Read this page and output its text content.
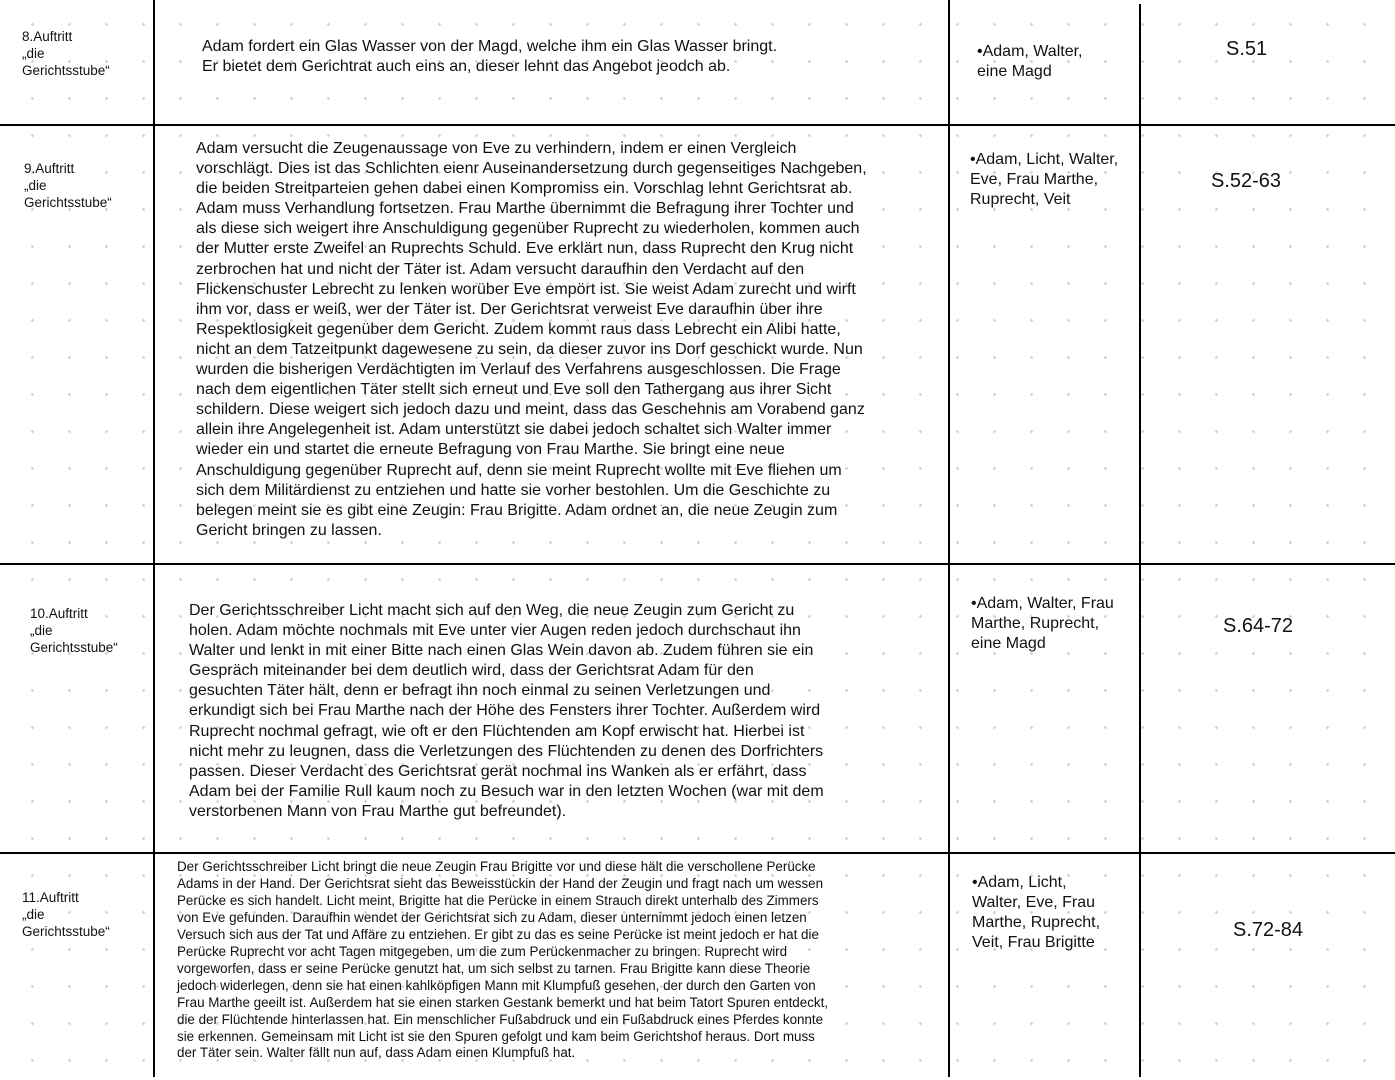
8.Auftritt
„die
Gerichtsstube“

Adam fordert ein Glas Wasser von der Magd, welche ihm ein Glas Wasser bringt.
Er bietet dem Gerichtrat auch eins an, dieser lehnt das Angebot jeodch ab.

•Adam, Walter,
eine Magd

S.51

9.Auftritt
„die
Gerichtsstube“

Adam versucht die Zeugenaussage von Eve zu verhindern, indem er einen Vergleich
vorschlägt. Dies ist das Schlichten eienr Auseinandersetzung durch gegenseitiges Nachgeben,
die beiden Streitparteien gehen dabei einen Kompromiss ein. Vorschlag lehnt Gerichtsrat ab.
Adam muss Verhandlung fortsetzen. Frau Marthe übernimmt die Befragung ihrer Tochter und
als diese sich weigert ihre Anschuldigung gegenüber Ruprecht zu wiederholen, kommen auch
der Mutter erste Zweifel an Ruprechts Schuld. Eve erklärt nun, dass Ruprecht den Krug nicht
zerbrochen hat und nicht der Täter ist. Adam versucht daraufhin den Verdacht auf den
Flickenschuster Lebrecht zu lenken worüber Eve empört ist. Sie weist Adam zurecht und wirft
ihm vor, dass er weiß, wer der Täter ist. Der Gerichtsrat verweist Eve daraufhin über ihre
Respektlosigkeit gegenüber dem Gericht. Zudem kommt raus dass Lebrecht ein Alibi hatte,
nicht an dem Tatzeitpunkt dagewesene zu sein, da dieser zuvor ins Dorf geschickt wurde. Nun
wurden die bisherigen Verdächtigten im Verlauf des Verfahrens ausgeschlossen. Die Frage
nach dem eigentlichen Täter stellt sich erneut und Eve soll den Tathergang aus ihrer Sicht
schildern. Diese weigert sich jedoch dazu und meint, dass das Geschehnis am Vorabend ganz
allein ihre Angelegenheit ist. Adam unterstützt sie dabei jedoch schaltet sich Walter immer
wieder ein und startet die erneute Befragung von Frau Marthe. Sie bringt eine neue
Anschuldigung gegenüber Ruprecht auf, denn sie meint Ruprecht wollte mit Eve fliehen um
sich dem Militärdienst zu entziehen und hatte sie vorher bestohlen. Um die Geschichte zu
belegen meint sie es gibt eine Zeugin: Frau Brigitte. Adam ordnet an, die neue Zeugin zum
Gericht bringen zu lassen.

•Adam, Licht, Walter,
Eve, Frau Marthe,
Ruprecht, Veit

S.52-63

10.Auftritt
„die
Gerichtsstube“

Der Gerichtsschreiber Licht macht sich auf den Weg, die neue Zeugin zum Gericht zu
holen. Adam möchte nochmals mit Eve unter vier Augen reden jedoch durchschaut ihn
Walter und lenkt in mit einer Bitte nach einen Glas Wein davon ab. Zudem führen sie ein
Gespräch miteinander bei dem deutlich wird, dass der Gerichtsrat Adam für den
gesuchten Täter hält, denn er befragt ihn noch einmal zu seinen Verletzungen und
erkundigt sich bei Frau Marthe nach der Höhe des Fensters ihrer Tochter. Außerdem wird
Ruprecht nochmal gefragt, wie oft er den Flüchtenden am Kopf erwischt hat. Hierbei ist
nicht mehr zu leugnen, dass die Verletzungen des Flüchtenden zu denen des Dorfrichters
passen. Dieser Verdacht des Gerichtsrat gerät nochmal ins Wanken als er erfährt, dass
Adam bei der Familie Rull kaum noch zu Besuch war in den letzten Wochen (war mit dem
verstorbenen Mann von Frau Marthe gut befreundet).

•Adam, Walter, Frau
Marthe, Ruprecht,
eine Magd

S.64-72

11.Auftritt
„die
Gerichtsstube“

Der Gerichtsschreiber Licht bringt die neue Zeugin Frau Brigitte vor und diese hält die verschollene Perücke
Adams in der Hand. Der Gerichtsrat sieht das Beweisstückin der Hand der Zeugin und fragt nach um wessen
Perücke es sich handelt. Licht meint, Brigitte hat die Perücke in einem Strauch direkt unterhalb des Zimmers
von Eve gefunden. Daraufhin wendet der Gerichtsrat sich zu Adam, dieser unternimmt jedoch einen letzen
Versuch sich aus der Tat und Affäre zu entziehen. Er gibt zu das es seine Perücke ist meint jedoch er hat die
Perücke Ruprecht vor acht Tagen mitgegeben, um die zum Perückenmacher zu bringen. Ruprecht wird
vorgeworfen, dass er seine Perücke genutzt hat, um sich selbst zu tarnen. Frau Brigitte kann diese Theorie
jedoch widerlegen, denn sie hat einen kahlköpfigen Mann mit Klumpfuß gesehen, der durch den Garten von
Frau Marthe geeilt ist. Außerdem hat sie einen starken Gestank bemerkt und hat beim Tatort Spuren entdeckt,
die der Flüchtende hinterlassen hat. Ein menschlicher Fußabdruck und ein Fußabdruck eines Pferdes konnte
sie erkennen. Gemeinsam mit Licht ist sie den Spuren gefolgt und kam beim Gerichtshof heraus. Dort muss
der Täter sein. Walter fällt nun auf, dass Adam einen Klumpfuß hat.

•Adam, Licht,
Walter, Eve, Frau
Marthe, Ruprecht,
Veit, Frau Brigitte

S.72-84
